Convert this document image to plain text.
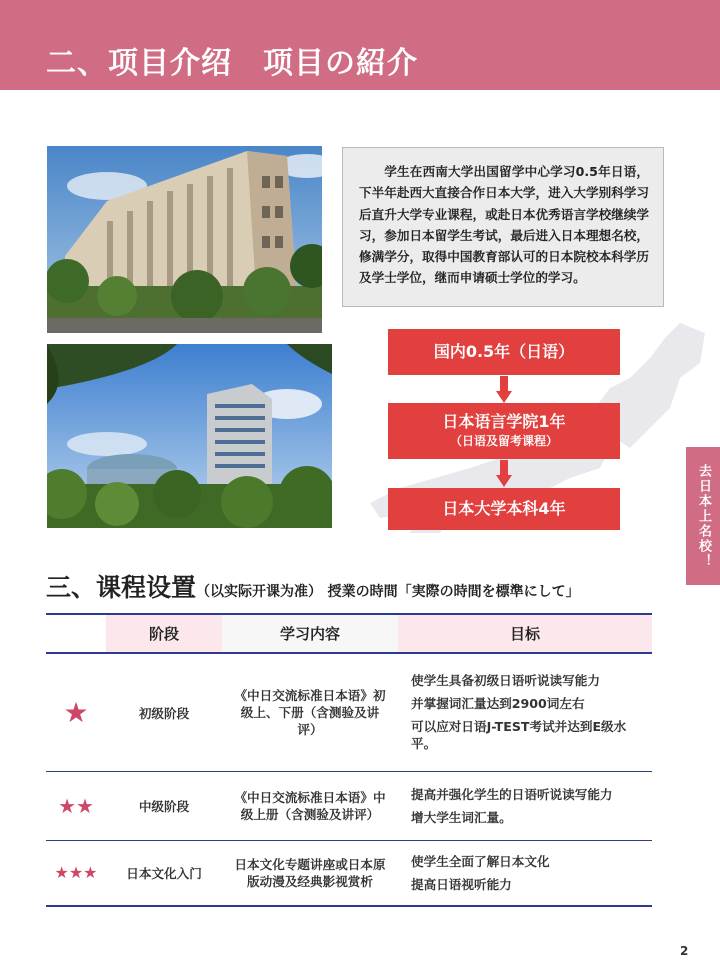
二、项目介绍　项目の紹介
学生在西南大学出国留学中心学习0.5年日语，下半年赴西大直接合作日本大学，进入大学别科学习后直升大学专业课程，或赴日本优秀语言学校继续学习，参加日本留学生考试，最后进入日本理想名校，修满学分，取得中国教育部认可的日本院校本科学历及学士学位，继而申请硕士学位的学习。
国内0.5年（日语）
日本语言学院1年
（日语及留考课程）
日本大学本科4年	去日本上名校！
三、课程设置（以实际开课为准） 授業の時間「実際の時間を標準にして」
	阶段	学习内容	目标
★	初级阶段	《中日交流标准日本语》初级上、下册（含测验及讲评）	使学生具备初级日语听说读写能力
并掌握词汇量达到2900词左右
可以应对日语J-TEST考试并达到E级水平。

★★	中级阶段	《中日交流标准日本语》中级上册（含测验及讲评）	提高并强化学生的日语听说读写能力
增大学生词汇量。

★★★	日本文化入门	日本文化专题讲座或日本原版动漫及经典影视赏析	使学生全面了解日本文化
提高日语视听能力
2
